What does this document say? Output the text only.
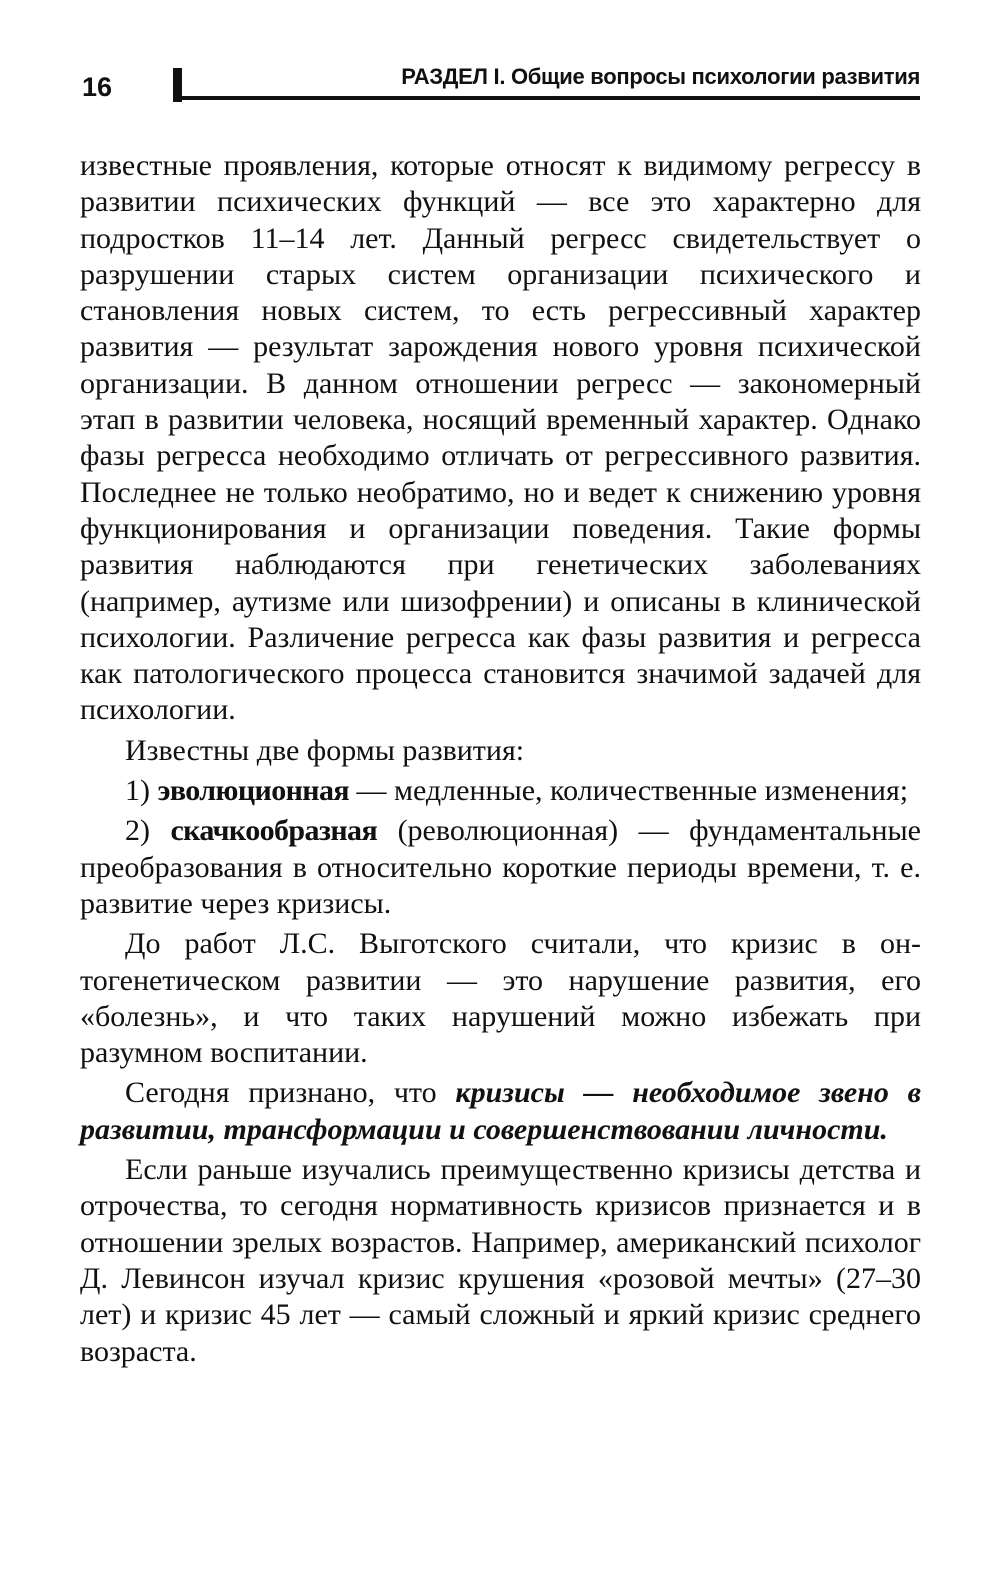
16	РАЗДЕЛ I. Общие вопросы психологии развития

известные проявления, которые относят к видимому регрессу в развитии психических функций — все это характерно для подростков 11–14 лет. Данный регресс свидетельствует о разрушении старых систем организации психического и становления новых систем, то есть регрессивный характер развития — результат зарождения нового уровня психической организации. В данном отношении регресс — закономерный этап в развитии человека, носящий временный характер. Однако фазы регресса необходимо отличать от регрессивного развития. Последнее не только необратимо, но и ведет к снижению уровня функционирования и организации поведения. Такие формы развития наблюдаются при генетических заболеваниях (например, аутизме или шизофрении) и описаны в клинической психологии. Различение регресса как фазы развития и регресса как патологического процесса становится значимой задачей для психологии.

Известны две формы развития:

1) эволюционная — медленные, количественные изменения;

2) скачкообразная (революционная) — фундаментальные преобразования в относительно короткие периоды времени, т. е. развитие через кризисы.

До работ Л.С. Выготского считали, что кризис в онтогенетическом развитии — это нарушение развития, его «болезнь», и что таких нарушений можно избежать при разумном воспитании.

Сегодня признано, что кризисы — необходимое звено в развитии, трансформации и совершенствовании личности.

Если раньше изучались преимущественно кризисы детства и отрочества, то сегодня нормативность кризисов признается и в отношении зрелых возрастов. Например, американский психолог Д. Левинсон изучал кризис крушения «розовой мечты» (27–30 лет) и кризис 45 лет — самый сложный и яркий кризис среднего возраста.
